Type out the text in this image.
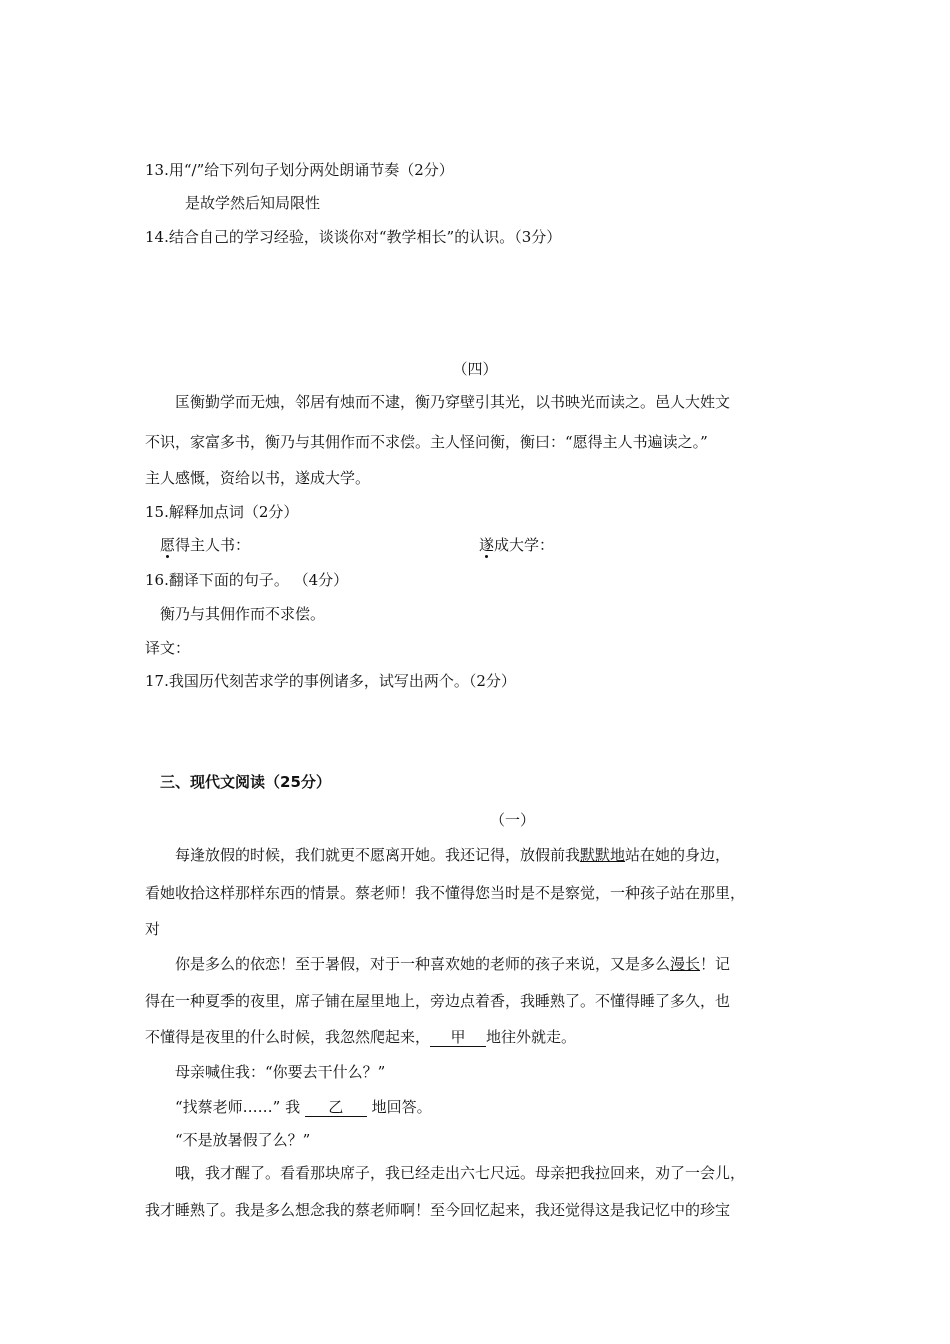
13.用“/”给下列句子划分两处朗诵节奏（2分）
是故学然后知局限性
14.结合自己的学习经验，谈谈你对“教学相长”的认识。（3分）
（四）
匡衡勤学而无烛，邻居有烛而不逮，衡乃穿壁引其光，以书映光而读之。邑人大姓文
不识，家富多书，衡乃与其佣作而不求偿。主人怪问衡，衡曰：“愿得主人书遍读之。”
主人感慨，资给以书，遂成大学。
15.解释加点词（2分）
愿得主人书：	遂成大学：
16.翻译下面的句子。 （4分）
衡乃与其佣作而不求偿。
译文：
17.我国历代刻苦求学的事例诸多，试写出两个。（2分）
三、现代文阅读（25分）
（一）
每逢放假的时候，我们就更不愿离开她。我还记得，放假前我默默地站在她的身边，
看她收拾这样那样东西的情景。蔡老师！我不懂得您当时是不是察觉，一种孩子站在那里，
对
你是多么的依恋！至于暑假，对于一种喜欢她的老师的孩子来说，又是多么漫长！记
得在一种夏季的夜里，席子铺在屋里地上，旁边点着香，我睡熟了。不懂得睡了多久，也
不懂得是夜里的什么时候，我忽然爬起来， 甲 地往外就走。
母亲喊住我：“你要去干什么？”
“找蔡老师……” 我 乙 地回答。
“不是放暑假了么？”
哦，我才醒了。看看那块席子，我已经走出六七尺远。母亲把我拉回来，劝了一会儿，
我才睡熟了。我是多么想念我的蔡老师啊！至今回忆起来，我还觉得这是我记忆中的珍宝
